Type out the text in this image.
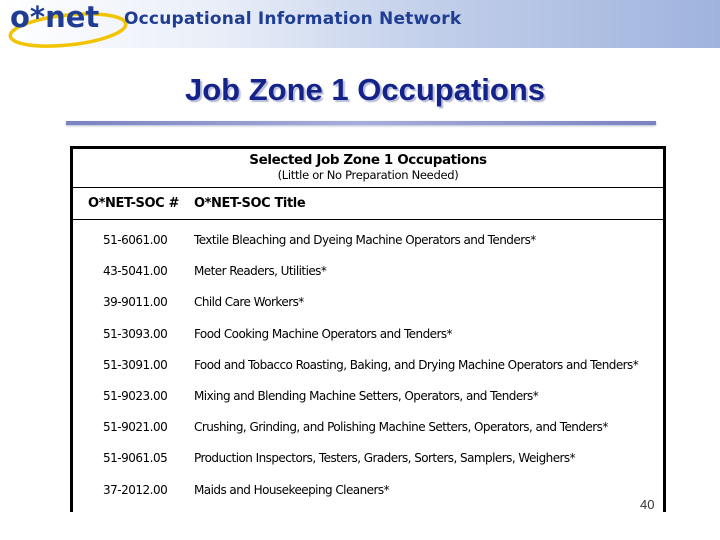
o*net Occupational Information Network
Job Zone 1 Occupations
Selected Job Zone 1 Occupations
(Little or No Preparation Needed)
O*NET-SOC # O*NET-SOC Title
51-6061.00 Textile Bleaching and Dyeing Machine Operators and Tenders*
43-5041.00 Meter Readers, Utilities*
39-9011.00 Child Care Workers*
51-3093.00 Food Cooking Machine Operators and Tenders*
51-3091.00 Food and Tobacco Roasting, Baking, and Drying Machine Operators and Tenders*
51-9023.00 Mixing and Blending Machine Setters, Operators, and Tenders*
51-9021.00 Crushing, Grinding, and Polishing Machine Setters, Operators, and Tenders*
51-9061.05 Production Inspectors, Testers, Graders, Sorters, Samplers, Weighers*
37-2012.00 Maids and Housekeeping Cleaners*
40
